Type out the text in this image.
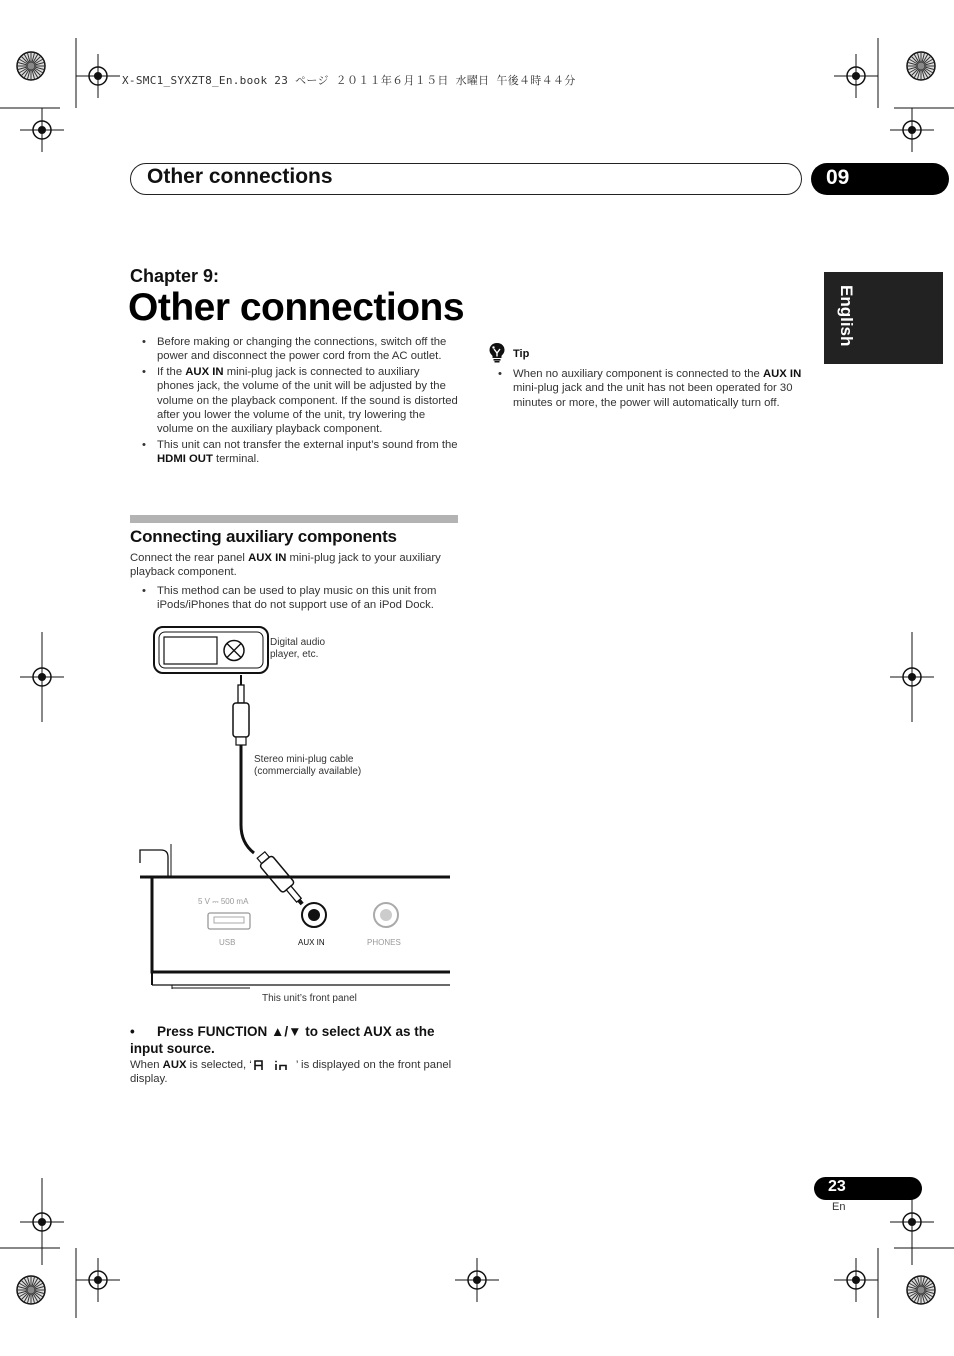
X-SMC1_SYXZT8_En.book 23 ページ ２０１１年６月１５日 水曜日 午後４時４４分
Other connections	09
English
Chapter 9:
Other connections
• Before making or changing the connections, switch off the power and disconnect the power cord from the AC outlet.
• If the AUX IN mini-plug jack is connected to auxiliary phones jack, the volume of the unit will be adjusted by the volume on the playback component. If the sound is distorted after you lower the volume of the unit, try lowering the volume on the auxiliary playback component.
• This unit can not transfer the external input’s sound from the HDMI OUT terminal.
Tip
• When no auxiliary component is connected to the AUX IN mini-plug jack and the unit has not been operated for 30 minutes or more, the power will automatically turn off.
Connecting auxiliary components
Connect the rear panel AUX IN mini-plug jack to your auxiliary playback component.
• This method can be used to play music on this unit from iPods/iPhones that do not support use of an iPod Dock.
Digital audio
player, etc.
Stereo mini-plug cable
(commercially available)
5 V ⎓ 500 mA
USB	AUX IN	PHONES
This unit’s front panel
• Press FUNCTION ▲/▼ to select AUX as the input source.
When AUX is selected, ‘	’ is displayed on the front panel display.
23
En
